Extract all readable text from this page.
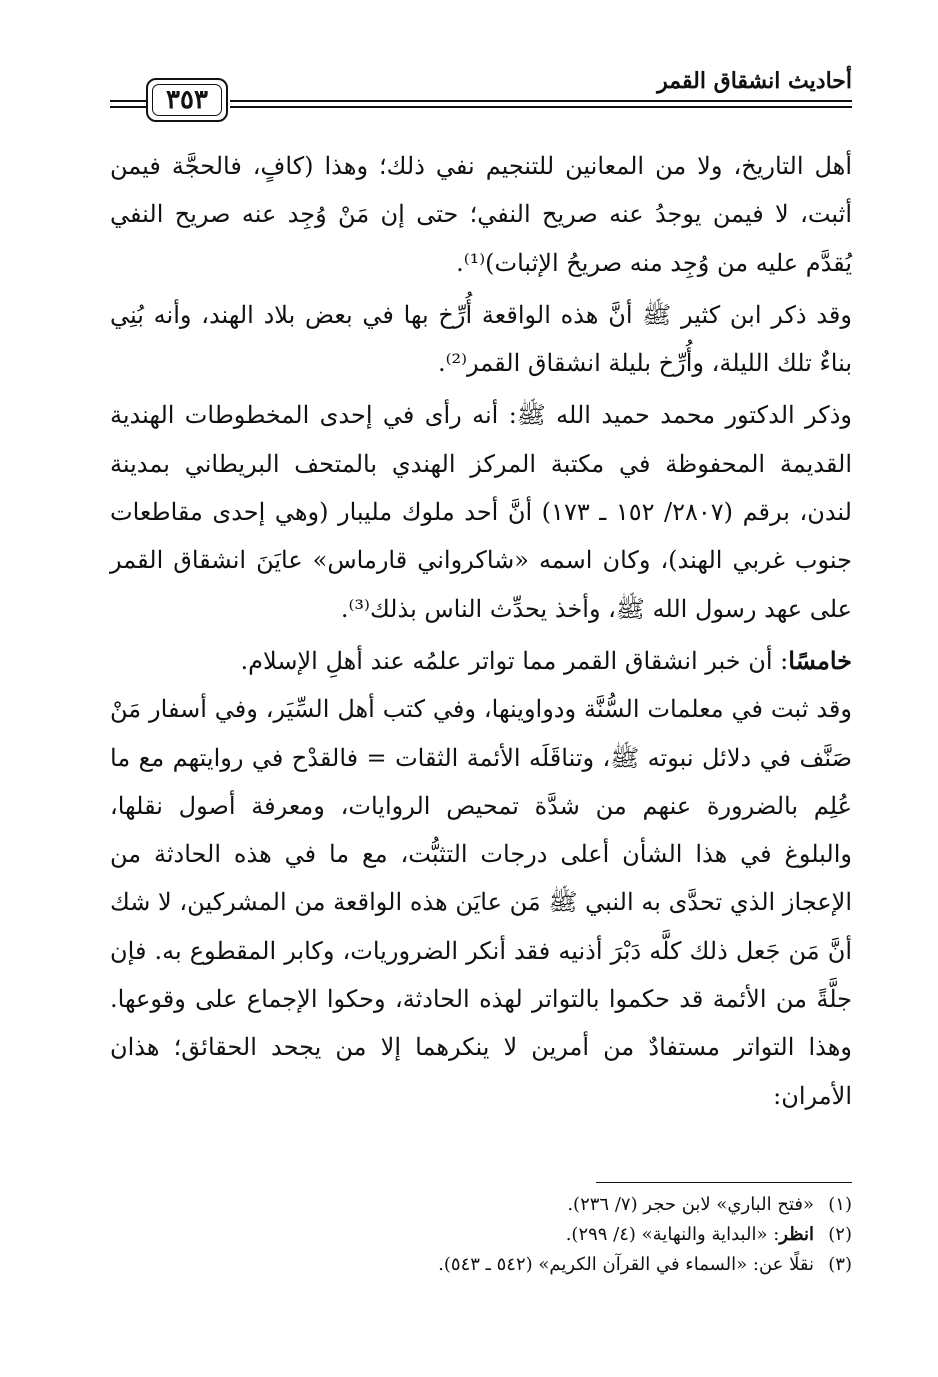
أحاديث انشقاق القمر
٣٥٣

أهل التاريخ، ولا من المعانين للتنجيم نفي ذلك؛ وهذا (كافٍ، فالحجَّة فيمن أثبت، لا فيمن يوجدُ عنه صريح النفي؛ حتى إن مَنْ وُجِد عنه صريح النفي يُقدَّم عليه من وُجِد منه صريحُ الإثبات)⁽¹⁾.

وقد ذكر ابن كثير ﷺ أنَّ هذه الواقعة أُرِّخ بها في بعض بلاد الهند، وأنه بُنِي بناءٌ تلك الليلة، وأُرِّخ بليلة انشقاق القمر⁽²⁾.

وذكر الدكتور محمد حميد الله ﷺ: أنه رأى في إحدى المخطوطات الهندية القديمة المحفوظة في مكتبة المركز الهندي بالمتحف البريطاني بمدينة لندن، برقم (٢٨٠٧/ ١٥٢ ـ ١٧٣) أنَّ أحد ملوك مليبار (وهي إحدى مقاطعات جنوب غربي الهند)، وكان اسمه «شاكرواني قارماس» عايَنَ انشقاق القمر على عهد رسول الله ﷺ، وأخذ يحدِّث الناس بذلك⁽³⁾.

خامسًا: أن خبر انشقاق القمر مما تواتر علمُه عند أهلِ الإسلام.

وقد ثبت في معلمات السُّنَّة ودواوينها، وفي كتب أهل السِّيَر، وفي أسفار مَنْ صَنَّف في دلائل نبوته ﷺ، وتناقَلَه الأئمة الثقات = فالقدْح في روايتهم مع ما عُلِم بالضرورة عنهم من شدَّة تمحيص الروايات، ومعرفة أصول نقلها، والبلوغ في هذا الشأن أعلى درجات التثبُّت، مع ما في هذه الحادثة من الإعجاز الذي تحدَّى به النبي ﷺ مَن عايَن هذه الواقعة من المشركين، لا شك أنَّ مَن جَعل ذلك كلَّه دَبْرَ أذنيه فقد أنكر الضروريات، وكابر المقطوع به. فإن جلَّةً من الأئمة قد حكموا بالتواتر لهذه الحادثة، وحكوا الإجماع على وقوعها. وهذا التواتر مستفادٌ من أمرين لا ينكرهما إلا من يجحد الحقائق؛ هذان الأمران:

(١)«فتح الباري» لابن حجر (٧/ ٢٣٦).
(٢)انظر: «البداية والنهاية» (٤/ ٢٩٩).
(٣)نقلًا عن: «السماء في القرآن الكريم» (٥٤٢ ـ ٥٤٣).
